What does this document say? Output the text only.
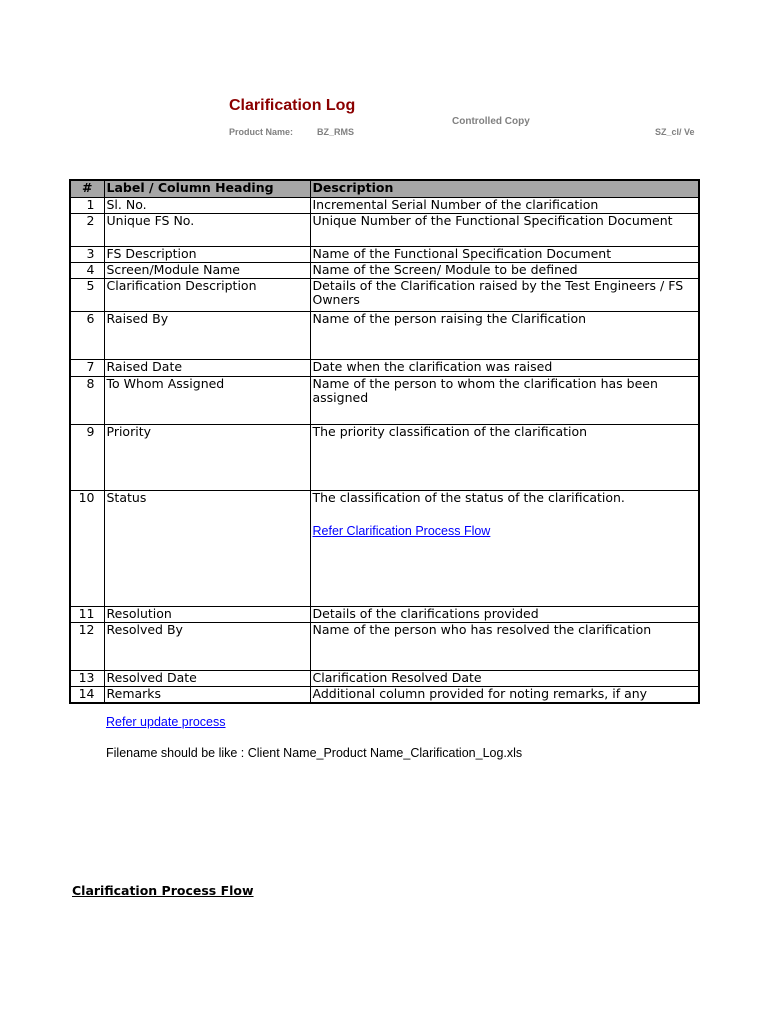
Clarification Log
Controlled Copy
Product Name:	BZ_RMS	SZ_cl/ Ve
#	Label / Column Heading	Description
1	Sl. No.	Incremental Serial Number of the clarification
2	Unique FS No.	Unique Number of the Functional Specification Document
3	FS Description	Name of the Functional Specification Document
4	Screen/Module Name	Name of the Screen/ Module to be defined
5	Clarification Description	Details of the Clarification raised by the Test Engineers / FS Owners
6	Raised By	Name of the person raising the Clarification
7	Raised Date	Date when the clarification was raised
8	To Whom Assigned	Name of the person to whom the clarification has been assigned
9	Priority	The priority classification of the clarification
10	Status	The classification of the status of the clarification.
Refer Clarification Process Flow
11	Resolution	Details of the clarifications provided
12	Resolved By	Name of the person who has resolved the clarification
13	Resolved Date	Clarification Resolved Date
14	Remarks	Additional column provided for noting remarks, if any
Refer update process
Filename should be like : Client Name_Product Name_Clarification_Log.xls
Clarification Process Flow
